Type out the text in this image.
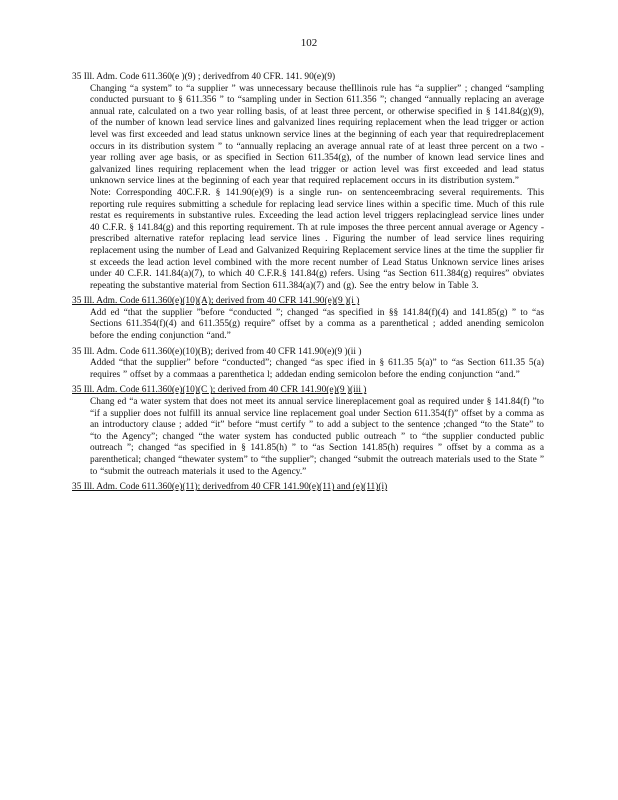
102
35 Ill. Adm. Code 611.360(e )(9) ; derivedfrom 40 CFR. 141. 90(e)(9)
Changing “a system” to “a supplier ” was unnecessary because theIllinois rule has “a supplier” ; changed “sampling conducted pursuant to § 611.356 ” to “sampling under in Section 611.356 ”; changed “annually replacing an average annual rate, calculated on a two year rolling basis, of at least three percent, or otherwise specified in § 141.84(g)(9), of the number of known lead service lines and galvanized lines requiring replacement when the lead trigger or action level was first exceeded and lead status unknown service lines at the beginning of each year that requiredreplacement occurs in its distribution system ” to “annually replacing an average annual rate of at least three percent on a two -year rolling aver age basis, or as specified in Section 611.354(g), of the number of known lead service lines and galvanized lines requiring replacement when the lead trigger or action level was first exceeded and lead status unknown service lines at the beginning of each year that required replacement occurs in its distribution system.”
Note: Corresponding 40C.F.R. § 141.90(e)(9) is a single run- on sentenceembracing several requirements. This reporting rule requires submitting a schedule for replacing lead service lines within a specific time. Much of this rule restat es requirements in substantive rules. Exceeding the lead action level triggers replacinglead service lines under 40 C.F.R. § 141.84(g) and this reporting requirement. Th at rule imposes the three percent annual average or Agency - prescribed alternative ratefor replacing lead service lines . Figuring the number of lead service lines requiring replacement using the number of Lead and Galvanized Requiring Replacement service lines at the time the supplier fir st exceeds the lead action level combined with the more recent number of Lead Status Unknown service lines arises under 40 C.F.R. 141.84(a)(7), to which 40 C.F.R.§ 141.84(g) refers. Using “as Section 611.384(g) requires” obviates repeating the substantive material from Section 611.384(a)(7) and (g). See the entry below in Table 3.
35 Ill. Adm. Code 611.360(e)(10)(A); derived from 40 CFR 141.90(e)(9 )(i )
Add ed “that the supplier ”before “conducted ”; changed “as specified in §§ 141.84(f)(4) and 141.85(g) ” to “as Sections 611.354(f)(4) and 611.355(g) require” offset by a comma as a parenthetical ; added anending semicolon before the ending conjunction “and.”
35 Ill. Adm. Code 611.360(e)(10)(B); derived from 40 CFR 141.90(e)(9 )(ii )
Added “that the supplier” before “conducted”; changed “as spec ified in § 611.35 5(a)” to “as Section 611.35 5(a) requires ” offset by a commaas a parenthetica l; addedan ending semicolon before the ending conjunction “and.”
35 Ill. Adm. Code 611.360(e)(10)(C ); derived from 40 CFR 141.90(e)(9 )(iii )
Chang ed “a water system that does not meet its annual service linereplacement goal as required under § 141.84(f) ”to “if a supplier does not fulfill its annual service line replacement goal under Section 611.354(f)” offset by a comma as an introductory clause ; added “it” before “must certify ” to add a subject to the sentence ;changed “to the State” to “to the Agency”; changed “the water system has conducted public outreach ” to “the supplier conducted public outreach ”; changed “as specified in § 141.85(h) ” to “as Section 141.85(h) requires ” offset by a comma as a parenthetical; changed “thewater system” to “the supplier”; changed “submit the outreach materials used to the State ” to “submit the outreach materials it used to the Agency.”
35 Ill. Adm. Code 611.360(e)(11); derivedfrom 40 CFR 141.90(e)(11) and (e)(11)(i)
